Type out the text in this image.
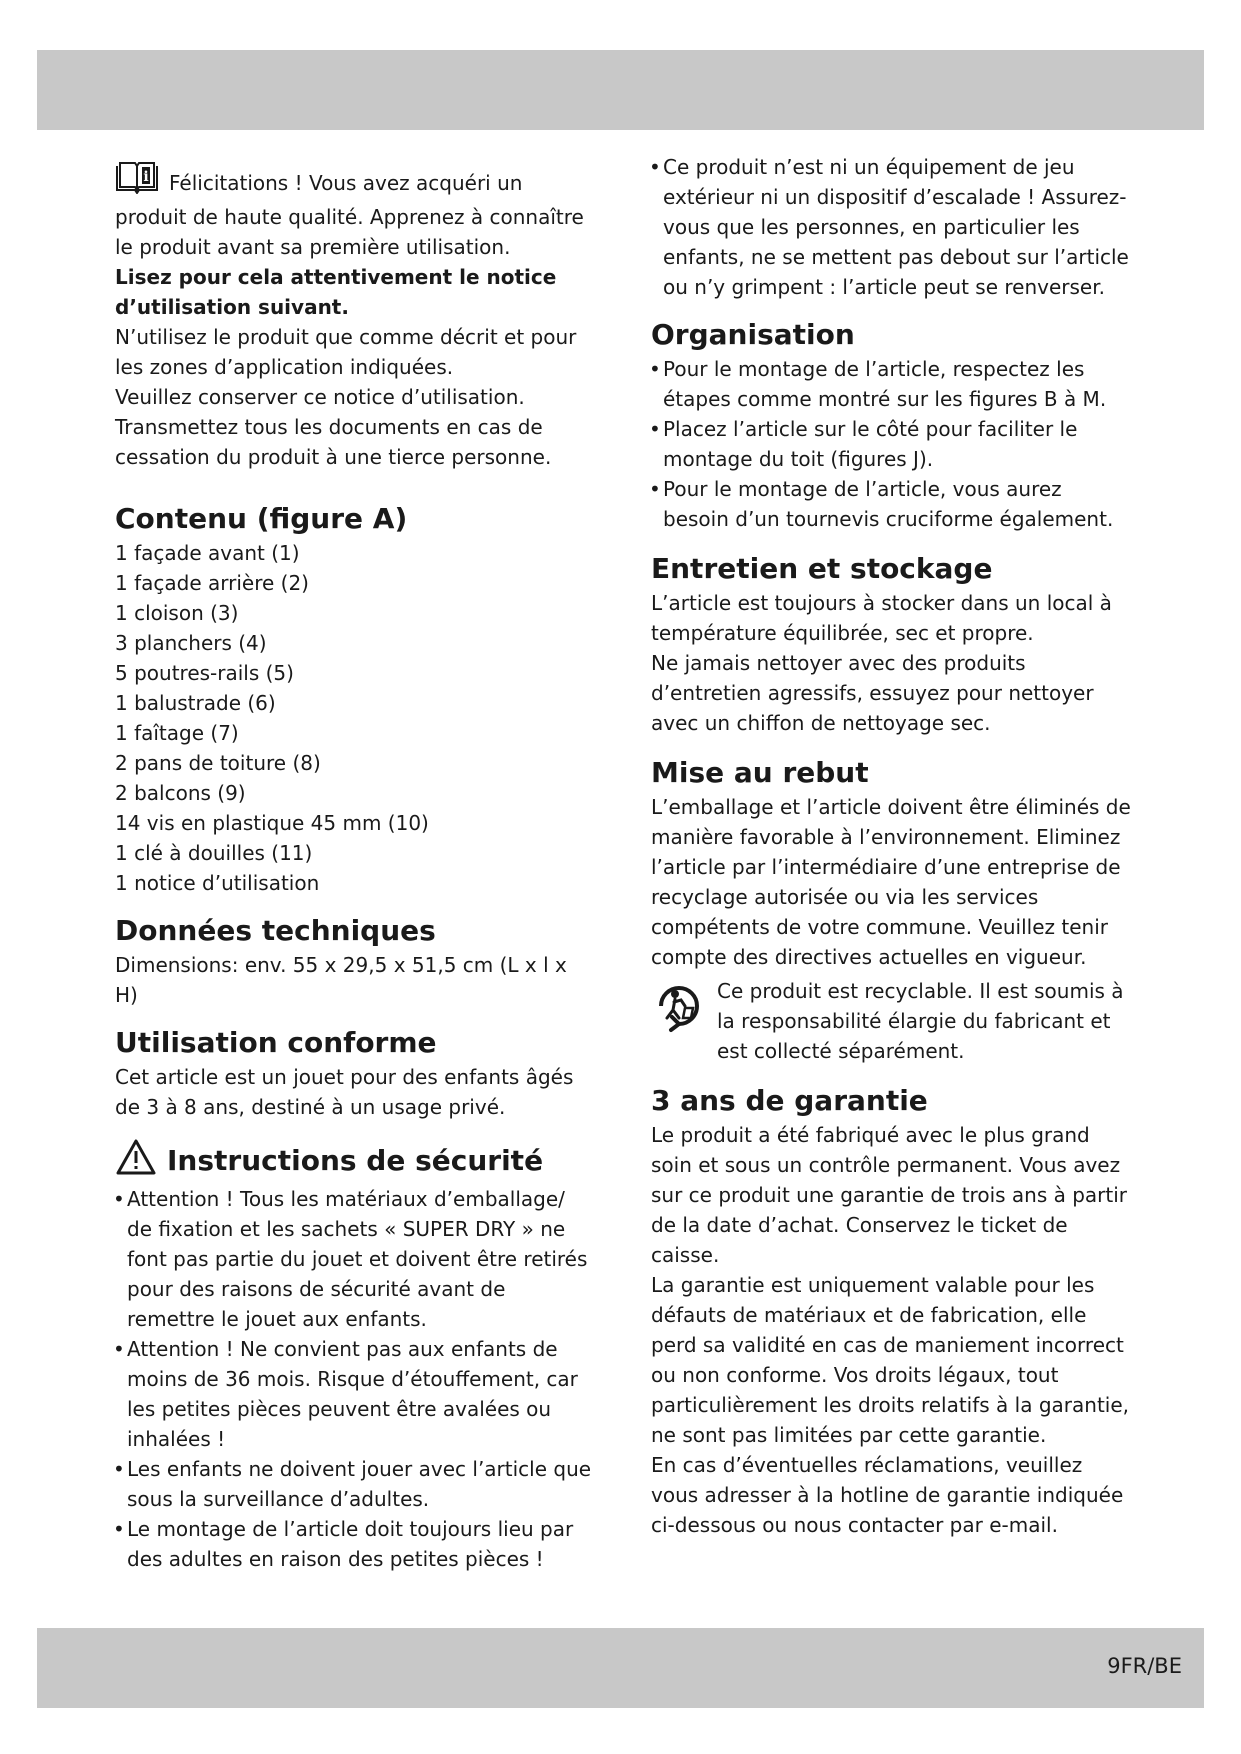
i Félicitations ! Vous avez acquéri un produit de haute qualité. Apprenez à connaître le produit avant sa première utilisation.

Lisez pour cela attentivement le notice d’utilisation suivant.

N’utilisez le produit que comme décrit et pour les zones d’application indiquées.

Veuillez conserver ce notice d’utilisation. Transmettez tous les documents en cas de cessation du produit à une tierce personne.

Contenu (figure A)
1 façade avant (1)
1 façade arrière (2)
1 cloison (3)
3 planchers (4)
5 poutres-rails (5)
1 balustrade (6)
1 faîtage (7)
2 pans de toiture (8)
2 balcons (9)
14 vis en plastique 45 mm (10)
1 clé à douilles (11)
1 notice d’utilisation
Données techniques

Dimensions: env. 55 x 29,5 x 51,5 cm (L x l x H)

Utilisation conforme

Cet article est un jouet pour des enfants âgés de 3 à 8 ans, destiné à un usage privé.

Instructions de sécurité
• Attention ! Tous les matériaux d’emballage/ de fixation et les sachets « SUPER DRY » ne font pas partie du jouet et doivent être retirés pour des raisons de sécurité avant de remettre le jouet aux enfants.
• Attention ! Ne convient pas aux enfants de moins de 36 mois. Risque d’étouffement, car les petites pièces peuvent être avalées ou inhalées !
• Les enfants ne doivent jouer avec l’article que sous la surveillance d’adultes.
• Le montage de l’article doit toujours lieu par des adultes en raison des petites pièces !
• Ce produit n’est ni un équipement de jeu extérieur ni un dispositif d’escalade ! Assurez-vous que les personnes, en particulier les enfants, ne se mettent pas debout sur l’article ou n’y grimpent : l’article peut se renverser.
Organisation
• Pour le montage de l’article, respectez les étapes comme montré sur les figures B à M.
• Placez l’article sur le côté pour faciliter le montage du toit (figures J).
• Pour le montage de l’article, vous aurez besoin d’un tournevis cruciforme également.
Entretien et stockage

L’article est toujours à stocker dans un local à température équilibrée, sec et propre.

Ne jamais nettoyer avec des produits d’entretien agressifs, essuyez pour nettoyer avec un chiffon de nettoyage sec.

Mise au rebut

L’emballage et l’article doivent être éliminés de manière favorable à l’environnement. Eliminez l’article par l’intermédiaire d’une entreprise de recyclage autorisée ou via les services compétents de votre commune. Veuillez tenir compte des directives actuelles en vigueur.

Ce produit est recyclable. Il est soumis à la responsabilité élargie du fabricant et est collecté séparément.

3 ans de garantie

Le produit a été fabriqué avec le plus grand soin et sous un contrôle permanent. Vous avez sur ce produit une garantie de trois ans à partir de la date d’achat. Conservez le ticket de caisse.

La garantie est uniquement valable pour les défauts de matériaux et de fabrication, elle perd sa validité en cas de maniement incorrect ou non conforme. Vos droits légaux, tout particulièrement les droits relatifs à la garantie, ne sont pas limitées par cette garantie.

En cas d’éventuelles réclamations, veuillez vous adresser à la hotline de garantie indiquée ci-dessous ou nous contacter par e-mail.

9FR/BE
